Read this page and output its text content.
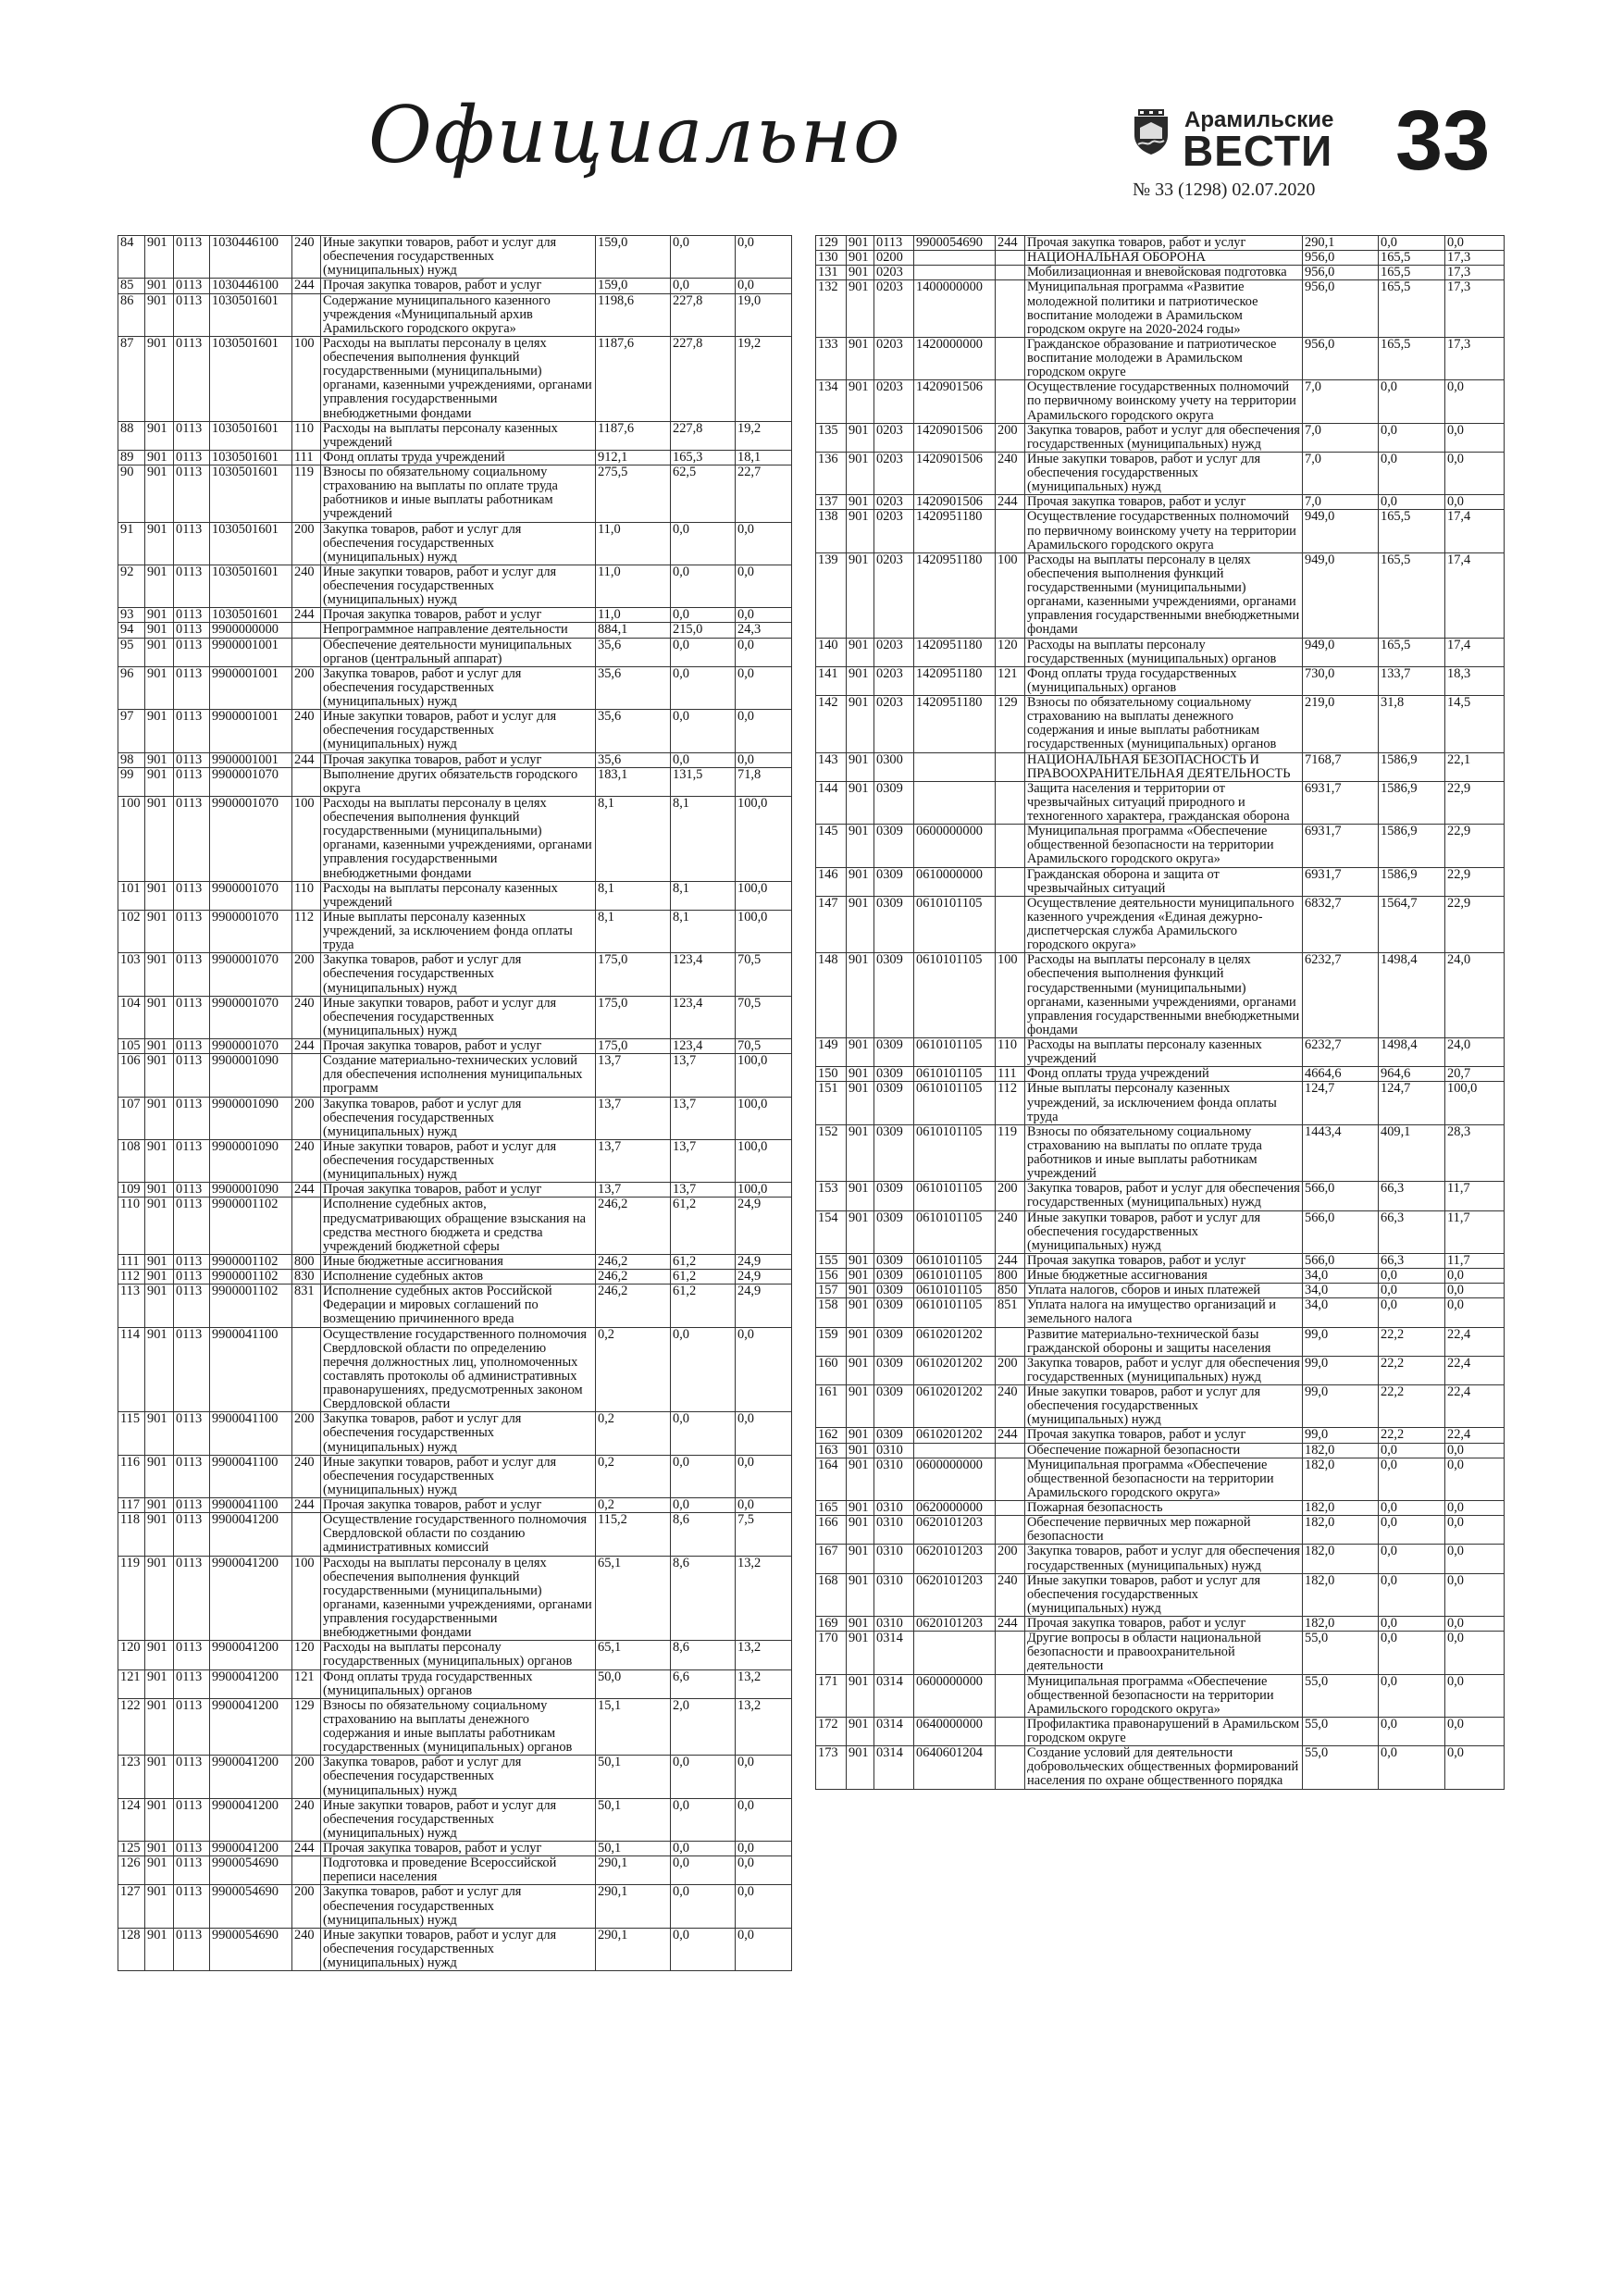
Официально	Арамильские
ВЕСТИ
№ 33 (1298) 02.07.2020
33
84	901	0113	1030446100	240	Иные закупки товаров, работ и услуг для обеспечения государственных (муниципальных) нужд	159,0	0,0	0,0
85	901	0113	1030446100	244	Прочая закупка товаров, работ и услуг	159,0	0,0	0,0
86	901	0113	1030501601		Содержание муниципального казенного учреждения «Муниципальный архив Арамильского городского округа»	1198,6	227,8	19,0
87	901	0113	1030501601	100	Расходы на выплаты персоналу в целях обеспечения выполнения функций государственными (муниципальными) органами, казенными учреждениями, органами управления государственными внебюджетными фондами	1187,6	227,8	19,2
88	901	0113	1030501601	110	Расходы на выплаты персоналу казенных учреждений	1187,6	227,8	19,2
89	901	0113	1030501601	111	Фонд оплаты труда учреждений	912,1	165,3	18,1
90	901	0113	1030501601	119	Взносы по обязательному социальному страхованию на выплаты по оплате труда работников и иные выплаты работникам учреждений	275,5	62,5	22,7
91	901	0113	1030501601	200	Закупка товаров, работ и услуг для обеспечения государственных (муниципальных) нужд	11,0	0,0	0,0
92	901	0113	1030501601	240	Иные закупки товаров, работ и услуг для обеспечения государственных (муниципальных) нужд	11,0	0,0	0,0
93	901	0113	1030501601	244	Прочая закупка товаров, работ и услуг	11,0	0,0	0,0
94	901	0113	9900000000		Непрограммное направление деятельности	884,1	215,0	24,3
95	901	0113	9900001001		Обеспечение деятельности муниципальных органов (центральный аппарат)	35,6	0,0	0,0
96	901	0113	9900001001	200	Закупка товаров, работ и услуг для обеспечения государственных (муниципальных) нужд	35,6	0,0	0,0
97	901	0113	9900001001	240	Иные закупки товаров, работ и услуг для обеспечения государственных (муниципальных) нужд	35,6	0,0	0,0
98	901	0113	9900001001	244	Прочая закупка товаров, работ и услуг	35,6	0,0	0,0
99	901	0113	9900001070		Выполнение других обязательств городского округа	183,1	131,5	71,8
100	901	0113	9900001070	100	Расходы на выплаты персоналу в целях обеспечения выполнения функций государственными (муниципальными) органами, казенными учреждениями, органами управления государственными внебюджетными фондами	8,1	8,1	100,0
101	901	0113	9900001070	110	Расходы на выплаты персоналу казенных учреждений	8,1	8,1	100,0
102	901	0113	9900001070	112	Иные выплаты персоналу казенных учреждений, за исключением фонда оплаты труда	8,1	8,1	100,0
103	901	0113	9900001070	200	Закупка товаров, работ и услуг для обеспечения государственных (муниципальных) нужд	175,0	123,4	70,5
104	901	0113	9900001070	240	Иные закупки товаров, работ и услуг для обеспечения государственных (муниципальных) нужд	175,0	123,4	70,5
105	901	0113	9900001070	244	Прочая закупка товаров, работ и услуг	175,0	123,4	70,5
106	901	0113	9900001090		Создание материально-технических условий для обеспечения исполнения муниципальных программ	13,7	13,7	100,0
107	901	0113	9900001090	200	Закупка товаров, работ и услуг для обеспечения государственных (муниципальных) нужд	13,7	13,7	100,0
108	901	0113	9900001090	240	Иные закупки товаров, работ и услуг для обеспечения государственных (муниципальных) нужд	13,7	13,7	100,0
109	901	0113	9900001090	244	Прочая закупка товаров, работ и услуг	13,7	13,7	100,0
110	901	0113	9900001102		Исполнение судебных актов, предусматривающих обращение взыскания на средства местного бюджета и средства учреждений бюджетной сферы	246,2	61,2	24,9
111	901	0113	9900001102	800	Иные бюджетные ассигнования	246,2	61,2	24,9
112	901	0113	9900001102	830	Исполнение судебных актов	246,2	61,2	24,9
113	901	0113	9900001102	831	Исполнение судебных актов Российской Федерации и мировых соглашений по возмещению причиненного вреда	246,2	61,2	24,9
114	901	0113	9900041100		Осуществление государственного полномочия Свердловской области по определению перечня должностных лиц, уполномоченных составлять протоколы об административных правонарушениях, предусмотренных законом Свердловской области	0,2	0,0	0,0
115	901	0113	9900041100	200	Закупка товаров, работ и услуг для обеспечения государственных (муниципальных) нужд	0,2	0,0	0,0
116	901	0113	9900041100	240	Иные закупки товаров, работ и услуг для обеспечения государственных (муниципальных) нужд	0,2	0,0	0,0
117	901	0113	9900041100	244	Прочая закупка товаров, работ и услуг	0,2	0,0	0,0
118	901	0113	9900041200		Осуществление государственного полномочия Свердловской области по созданию административных комиссий	115,2	8,6	7,5
119	901	0113	9900041200	100	Расходы на выплаты персоналу в целях обеспечения выполнения функций государственными (муниципальными) органами, казенными учреждениями, органами управления государственными внебюджетными фондами	65,1	8,6	13,2
120	901	0113	9900041200	120	Расходы на выплаты персоналу государственных (муниципальных) органов	65,1	8,6	13,2
121	901	0113	9900041200	121	Фонд оплаты труда государственных (муниципальных) органов	50,0	6,6	13,2
122	901	0113	9900041200	129	Взносы по обязательному социальному страхованию на выплаты денежного содержания и иные выплаты работникам государственных (муниципальных) органов	15,1	2,0	13,2
123	901	0113	9900041200	200	Закупка товаров, работ и услуг для обеспечения государственных (муниципальных) нужд	50,1	0,0	0,0
124	901	0113	9900041200	240	Иные закупки товаров, работ и услуг для обеспечения государственных (муниципальных) нужд	50,1	0,0	0,0
125	901	0113	9900041200	244	Прочая закупка товаров, работ и услуг	50,1	0,0	0,0
126	901	0113	9900054690		Подготовка и проведение Всероссийской переписи населения	290,1	0,0	0,0
127	901	0113	9900054690	200	Закупка товаров, работ и услуг для обеспечения государственных (муниципальных) нужд	290,1	0,0	0,0
128	901	0113	9900054690	240	Иные закупки товаров, работ и услуг для обеспечения государственных (муниципальных) нужд	290,1	0,0	0,0
129	901	0113	9900054690	244	Прочая закупка товаров, работ и услуг	290,1	0,0	0,0
130	901	0200			НАЦИОНАЛЬНАЯ ОБОРОНА	956,0	165,5	17,3
131	901	0203			Мобилизационная и вневойсковая подготовка	956,0	165,5	17,3
132	901	0203	1400000000		Муниципальная программа «Развитие молодежной политики и патриотическое воспитание молодежи в Арамильском городском округе на 2020-2024 годы»	956,0	165,5	17,3
133	901	0203	1420000000		Гражданское образование и патриотическое воспитание молодежи в Арамильском городском округе	956,0	165,5	17,3
134	901	0203	1420901506		Осуществление государственных полномочий по первичному воинскому учету на территории Арамильского городского округа	7,0	0,0	0,0
135	901	0203	1420901506	200	Закупка товаров, работ и услуг для обеспечения государственных (муниципальных) нужд	7,0	0,0	0,0
136	901	0203	1420901506	240	Иные закупки товаров, работ и услуг для обеспечения государственных (муниципальных) нужд	7,0	0,0	0,0
137	901	0203	1420901506	244	Прочая закупка товаров, работ и услуг	7,0	0,0	0,0
138	901	0203	1420951180		Осуществление государственных полномочий по первичному воинскому учету на территории Арамильского городского округа	949,0	165,5	17,4
139	901	0203	1420951180	100	Расходы на выплаты персоналу в целях обеспечения выполнения функций государственными (муниципальными) органами, казенными учреждениями, органами управления государственными внебюджетными фондами	949,0	165,5	17,4
140	901	0203	1420951180	120	Расходы на выплаты персоналу государственных (муниципальных) органов	949,0	165,5	17,4
141	901	0203	1420951180	121	Фонд оплаты труда государственных (муниципальных) органов	730,0	133,7	18,3
142	901	0203	1420951180	129	Взносы по обязательному социальному страхованию на выплаты денежного содержания и иные выплаты работникам государственных (муниципальных) органов	219,0	31,8	14,5
143	901	0300			НАЦИОНАЛЬНАЯ БЕЗОПАСНОСТЬ И ПРАВООХРАНИТЕЛЬНАЯ ДЕЯТЕЛЬНОСТЬ	7168,7	1586,9	22,1
144	901	0309			Защита населения и территории от чрезвычайных ситуаций природного и техногенного характера, гражданская оборона	6931,7	1586,9	22,9
145	901	0309	0600000000		Муниципальная программа «Обеспечение общественной безопасности на территории Арамильского городского округа»	6931,7	1586,9	22,9
146	901	0309	0610000000		Гражданская оборона и защита от чрезвычайных ситуаций	6931,7	1586,9	22,9
147	901	0309	0610101105		Осуществление деятельности муниципального казенного учреждения «Единая дежурно-диспетчерская служба Арамильского городского округа»	6832,7	1564,7	22,9
148	901	0309	0610101105	100	Расходы на выплаты персоналу в целях обеспечения выполнения функций государственными (муниципальными) органами, казенными учреждениями, органами управления государственными внебюджетными фондами	6232,7	1498,4	24,0
149	901	0309	0610101105	110	Расходы на выплаты персоналу казенных учреждений	6232,7	1498,4	24,0
150	901	0309	0610101105	111	Фонд оплаты труда учреждений	4664,6	964,6	20,7
151	901	0309	0610101105	112	Иные выплаты персоналу казенных учреждений, за исключением фонда оплаты труда	124,7	124,7	100,0
152	901	0309	0610101105	119	Взносы по обязательному социальному страхованию на выплаты по оплате труда работников и иные выплаты работникам учреждений	1443,4	409,1	28,3
153	901	0309	0610101105	200	Закупка товаров, работ и услуг для обеспечения государственных (муниципальных) нужд	566,0	66,3	11,7
154	901	0309	0610101105	240	Иные закупки товаров, работ и услуг для обеспечения государственных (муниципальных) нужд	566,0	66,3	11,7
155	901	0309	0610101105	244	Прочая закупка товаров, работ и услуг	566,0	66,3	11,7
156	901	0309	0610101105	800	Иные бюджетные ассигнования	34,0	0,0	0,0
157	901	0309	0610101105	850	Уплата налогов, сборов и иных платежей	34,0	0,0	0,0
158	901	0309	0610101105	851	Уплата налога на имущество организаций и земельного налога	34,0	0,0	0,0
159	901	0309	0610201202		Развитие материально-технической базы гражданской обороны и защиты населения	99,0	22,2	22,4
160	901	0309	0610201202	200	Закупка товаров, работ и услуг для обеспечения государственных (муниципальных) нужд	99,0	22,2	22,4
161	901	0309	0610201202	240	Иные закупки товаров, работ и услуг для обеспечения государственных (муниципальных) нужд	99,0	22,2	22,4
162	901	0309	0610201202	244	Прочая закупка товаров, работ и услуг	99,0	22,2	22,4
163	901	0310			Обеспечение пожарной безопасности	182,0	0,0	0,0
164	901	0310	0600000000		Муниципальная программа «Обеспечение общественной безопасности на территории Арамильского городского округа»	182,0	0,0	0,0
165	901	0310	0620000000		Пожарная безопасность	182,0	0,0	0,0
166	901	0310	0620101203		Обеспечение первичных мер пожарной безопасности	182,0	0,0	0,0
167	901	0310	0620101203	200	Закупка товаров, работ и услуг для обеспечения государственных (муниципальных) нужд	182,0	0,0	0,0
168	901	0310	0620101203	240	Иные закупки товаров, работ и услуг для обеспечения государственных (муниципальных) нужд	182,0	0,0	0,0
169	901	0310	0620101203	244	Прочая закупка товаров, работ и услуг	182,0	0,0	0,0
170	901	0314			Другие вопросы в области национальной безопасности и правоохранительной деятельности	55,0	0,0	0,0
171	901	0314	0600000000		Муниципальная программа «Обеспечение общественной безопасности на территории Арамильского городского округа»	55,0	0,0	0,0
172	901	0314	0640000000		Профилактика правонарушений в Арамильском городском округе	55,0	0,0	0,0
173	901	0314	0640601204		Создание условий для деятельности добровольческих общественных формирований населения по охране общественного порядка	55,0	0,0	0,0
